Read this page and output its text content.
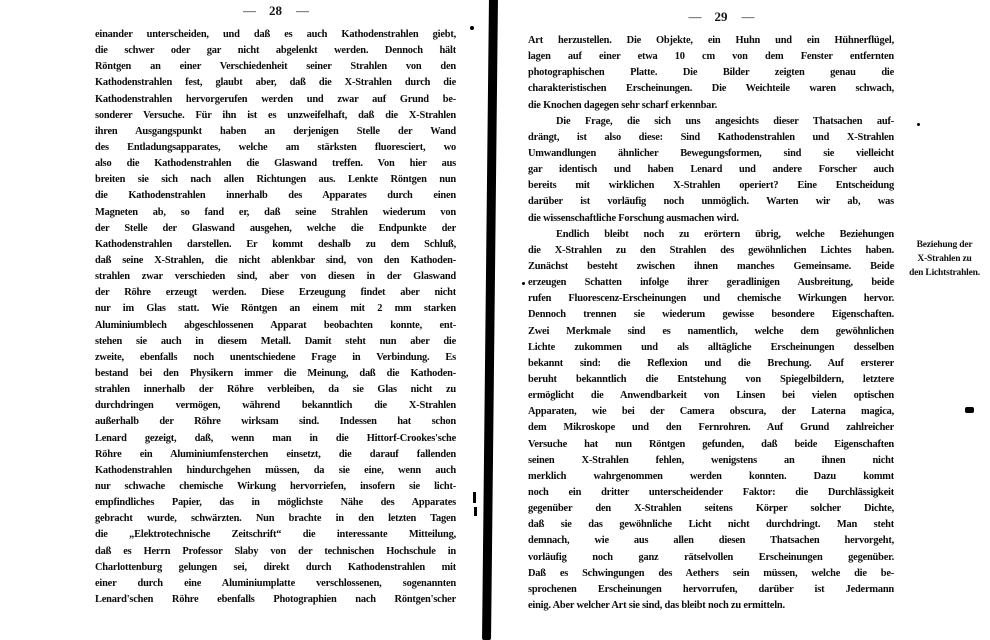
— 28 —
einander unterscheiden, und daß es auch Kathodenstrahlen giebt,
die schwer oder gar nicht abgelenkt werden. Dennoch hält
Röntgen an einer Verschiedenheit seiner Strahlen von den
Kathodenstrahlen fest, glaubt aber, daß die X-Strahlen durch die
Kathodenstrahlen hervorgerufen werden und zwar auf Grund be-
sonderer Versuche. Für ihn ist es unzweifelhaft, daß die X-Strahlen
ihren Ausgangspunkt haben an derjenigen Stelle der Wand
des Entladungsapparates, welche am stärksten fluoresciert, wo
also die Kathodenstrahlen die Glaswand treffen. Von hier aus
breiten sie sich nach allen Richtungen aus. Lenkte Röntgen nun
die Kathodenstrahlen innerhalb des Apparates durch einen
Magneten ab, so fand er, daß seine Strahlen wiederum von
der Stelle der Glaswand ausgehen, welche die Endpunkte der
Kathodenstrahlen darstellen. Er kommt deshalb zu dem Schluß,
daß seine X-Strahlen, die nicht ablenkbar sind, von den Kathoden-
strahlen zwar verschieden sind, aber von diesen in der Glaswand
der Röhre erzeugt werden. Diese Erzeugung findet aber nicht
nur im Glas statt. Wie Röntgen an einem mit 2 mm starken
Aluminiumblech abgeschlossenen Apparat beobachten konnte, ent-
stehen sie auch in diesem Metall. Damit steht nun aber die
zweite, ebenfalls noch unentschiedene Frage in Verbindung. Es
bestand bei den Physikern immer die Meinung, daß die Kathoden-
strahlen innerhalb der Röhre verbleiben, da sie Glas nicht zu
durchdringen vermögen, während bekanntlich die X-Strahlen
außerhalb der Röhre wirksam sind. Indessen hat schon
Lenard gezeigt, daß, wenn man in die Hittorf-Crookes'sche
Röhre ein Aluminiumfensterchen einsetzt, die darauf fallenden
Kathodenstrahlen hindurchgehen müssen, da sie eine, wenn auch
nur schwache chemische Wirkung hervorriefen, insofern sie licht-
empfindliches Papier, das in möglichste Nähe des Apparates
gebracht wurde, schwärzten. Nun brachte in den letzten Tagen
die „Elektrotechnische Zeitschrift“ die interessante Mitteilung,
daß es Herrn Professor Slaby von der technischen Hochschule in
Charlottenburg gelungen sei, direkt durch Kathodenstrahlen mit
einer durch eine Aluminiumplatte verschlossenen, sogenannten
Lenard'schen Röhre ebenfalls Photographien nach Röntgen'scher
— 29 —
Art herzustellen. Die Objekte, ein Huhn und ein Hühnerflügel,
lagen auf einer etwa 10 cm von dem Fenster entfernten
photographischen Platte. Die Bilder zeigten genau die
charakteristischen Erscheinungen. Die Weichteile waren schwach,
die Knochen dagegen sehr scharf erkennbar.
Die Frage, die sich uns angesichts dieser Thatsachen auf-
drängt, ist also diese: Sind Kathodenstrahlen und X-Strahlen
Umwandlungen ähnlicher Bewegungsformen, sind sie vielleicht
gar identisch und haben Lenard und andere Forscher auch
bereits mit wirklichen X-Strahlen operiert? Eine Entscheidung
darüber ist vorläufig noch unmöglich. Warten wir ab, was
die wissenschaftliche Forschung ausmachen wird.
Endlich bleibt noch zu erörtern übrig, welche Beziehungen
die X-Strahlen zu den Strahlen des gewöhnlichen Lichtes haben.
Zunächst besteht zwischen ihnen manches Gemeinsame. Beide
erzeugen Schatten infolge ihrer geradlinigen Ausbreitung, beide
rufen Fluorescenz-Erscheinungen und chemische Wirkungen hervor.
Dennoch trennen sie wiederum gewisse besondere Eigenschaften.
Zwei Merkmale sind es namentlich, welche dem gewöhnlichen
Lichte zukommen und als alltägliche Erscheinungen desselben
bekannt sind: die Reflexion und die Brechung. Auf ersterer
beruht bekanntlich die Entstehung von Spiegelbildern, letztere
ermöglicht die Anwendbarkeit von Linsen bei vielen optischen
Apparaten, wie bei der Camera obscura, der Laterna magica,
dem Mikroskope und den Fernrohren. Auf Grund zahlreicher
Versuche hat nun Röntgen gefunden, daß beide Eigenschaften
seinen X-Strahlen fehlen, wenigstens an ihnen nicht
merklich wahrgenommen werden konnten. Dazu kommt
noch ein dritter unterscheidender Faktor: die Durchlässigkeit
gegenüber den X-Strahlen seitens Körper solcher Dichte,
daß sie das gewöhnliche Licht nicht durchdringt. Man steht
demnach, wie aus allen diesen Thatsachen hervorgeht,
vorläufig noch ganz rätselvollen Erscheinungen gegenüber.
Daß es Schwingungen des Aethers sein müssen, welche die be-
sprochenen Erscheinungen hervorrufen, darüber ist Jedermann
einig. Aber welcher Art sie sind, das bleibt noch zu ermitteln.
Beziehung der
X-Strahlen zu
den Lichtstrahlen.
